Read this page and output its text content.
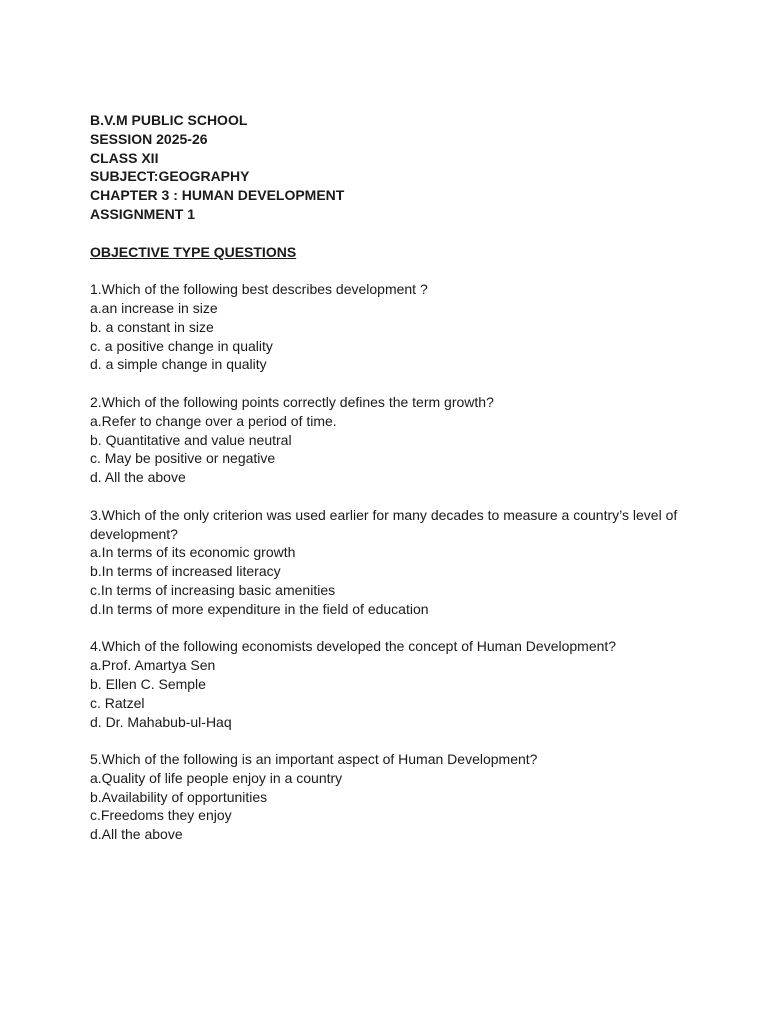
B.V.M PUBLIC SCHOOL
SESSION 2025-26
CLASS XII
SUBJECT:GEOGRAPHY
CHAPTER 3 : HUMAN DEVELOPMENT
ASSIGNMENT 1
OBJECTIVE TYPE QUESTIONS
1.Which of the following best describes development ?
a.an increase in size
b. a constant in size
c. a positive change in quality
d. a simple change in quality
2.Which of the following points correctly defines the term growth?
a.Refer to change over a period of time.
b. Quantitative and value neutral
c. May be positive or negative
d. All the above
3.Which of the only criterion was used earlier for many decades to measure a country’s level of development?
a.In terms of its economic growth
b.In terms of increased literacy
c.In terms of increasing basic amenities
d.In terms of more expenditure in the field of education
4.Which of the following economists developed the concept of Human Development?
a.Prof. Amartya Sen
b. Ellen C. Semple
c. Ratzel
d. Dr. Mahabub-ul-Haq
5.Which of the following is an important aspect of Human Development?
a.Quality of life people enjoy in a country
b.Availability of opportunities
c.Freedoms they enjoy
d.All the above
